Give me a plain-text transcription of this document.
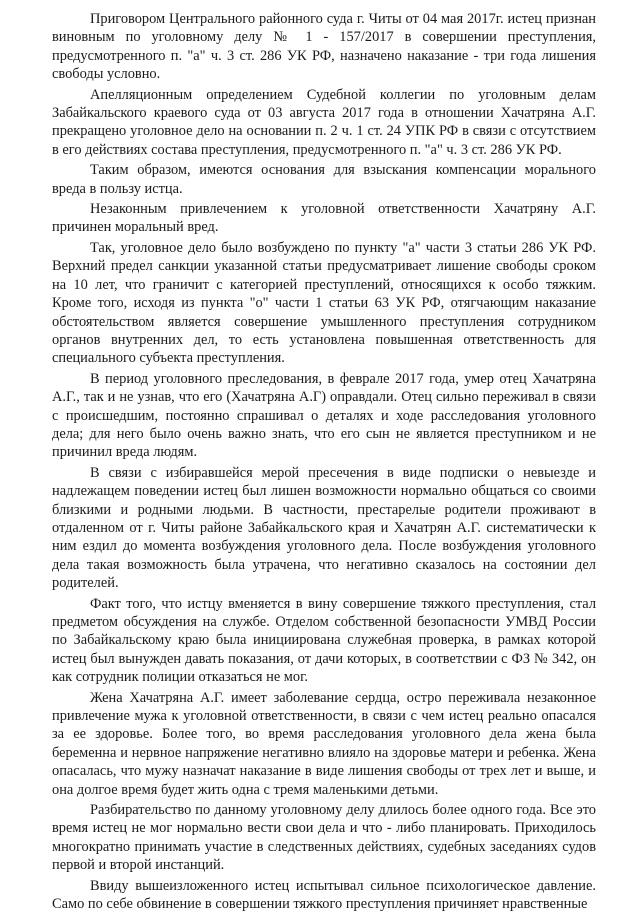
Приговором Центрального районного суда г. Читы от 04 мая 2017г. истец признан виновным по уголовному делу № 1 - 157/2017 в совершении преступления, предусмотренного п. "а" ч. 3 ст. 286 УК РФ, назначено наказание - три года лишения свободы условно.

Апелляционным определением Судебной коллегии по уголовным делам Забайкальского краевого суда от 03 августа 2017 года в отношении Хачатряна А.Г. прекращено уголовное дело на основании п. 2 ч. 1 ст. 24 УПК РФ в связи с отсутствием в его действиях состава преступления, предусмотренного п. "а" ч. 3 ст. 286 УК РФ.

Таким образом, имеются основания для взыскания компенсации морального вреда в пользу истца.

Незаконным привлечением к уголовной ответственности Хачатряну А.Г. причинен моральный вред.

Так, уголовное дело было возбуждено по пункту "а" части 3 статьи 286 УК РФ. Верхний предел санкции указанной статьи предусматривает лишение свободы сроком на 10 лет, что граничит с категорией преступлений, относящихся к особо тяжким. Кроме того, исходя из пункта "о" части 1 статьи 63 УК РФ, отягчающим наказание обстоятельством является совершение умышленного преступления сотрудником органов внутренних дел, то есть установлена повышенная ответственность для специального субъекта преступления.

В период уголовного преследования, в феврале 2017 года, умер отец Хачатряна А.Г., так и не узнав, что его (Хачатряна А.Г) оправдали. Отец сильно переживал в связи с происшедшим, постоянно спрашивал о деталях и ходе расследования уголовного дела; для него было очень важно знать, что его сын не является преступником и не причинил вреда людям.

В связи с избиравшейся мерой пресечения в виде подписки о невыезде и надлежащем поведении истец был лишен возможности нормально общаться со своими близкими и родными людьми. В частности, престарелые родители проживают в отдаленном от г. Читы районе Забайкальского края и Хачатрян А.Г. систематически к ним ездил до момента возбуждения уголовного дела. После возбуждения уголовного дела такая возможность была утрачена, что негативно сказалось на состоянии дел родителей.

Факт того, что истцу вменяется в вину совершение тяжкого преступления, стал предметом обсуждения на службе. Отделом собственной безопасности УМВД России по Забайкальскому краю была инициирована служебная проверка, в рамках которой истец был вынужден давать показания, от дачи которых, в соответствии с ФЗ № 342, он как сотрудник полиции отказаться не мог.

Жена Хачатряна А.Г. имеет заболевание сердца, остро переживала незаконное привлечение мужа к уголовной ответственности, в связи с чем истец реально опасался за ее здоровье. Более того, во время расследования уголовного дела жена была беременна и нервное напряжение негативно влияло на здоровье матери и ребенка. Жена опасалась, что мужу назначат наказание в виде лишения свободы от трех лет и выше, и она долгое время будет жить одна с тремя маленькими детьми.

Разбирательство по данному уголовному делу длилось более одного года. Все это время истец не мог нормально вести свои дела и что - либо планировать. Приходилось многократно принимать участие в следственных действиях, судебных заседаниях судов первой и второй инстанций.

Ввиду вышеизложенного истец испытывал сильное психологическое давление. Само по себе обвинение в совершении тяжкого преступления причиняет нравственные
